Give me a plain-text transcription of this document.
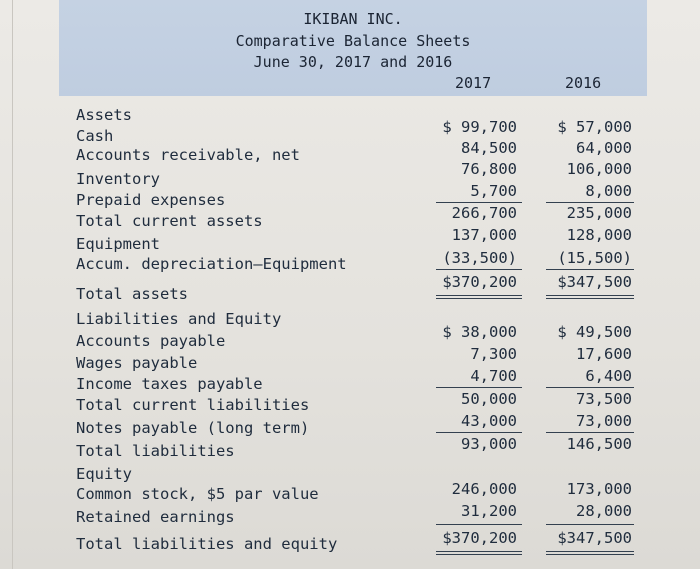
IKIBAN INC.
Comparative Balance Sheets
June 30, 2017 and 2016
2017	2016
Assets
Cash
Accounts receivable, net
Inventory
Prepaid expenses
Total current assets
Equipment
Accum. depreciation–Equipment
Total assets
Liabilities and Equity
Accounts payable
Wages payable
Income taxes payable
Total current liabilities
Notes payable (long term)
Total liabilities
Equity
Common stock, $5 par value
Retained earnings
Total liabilities and equity
$ 99,700
84,500
76,800
5,700
266,700
137,000
(33,500)
$370,200
$ 38,000
7,300
4,700
50,000
43,000
93,000
246,000
31,200
$370,200
$ 57,000
64,000
106,000
8,000
235,000
128,000
(15,500)
$347,500
$ 49,500
17,600
6,400
73,500
73,000
146,500
173,000
28,000
$347,500
